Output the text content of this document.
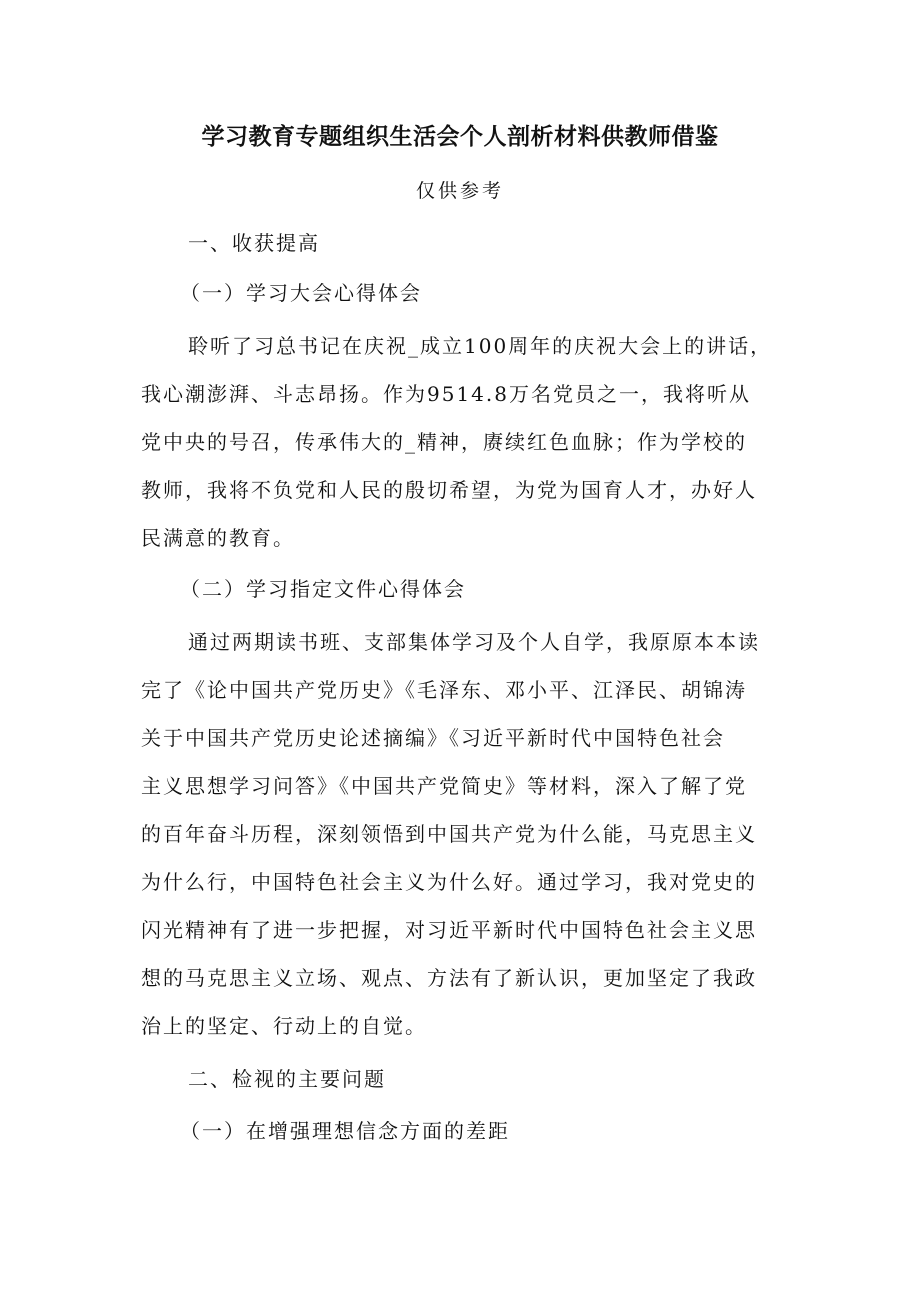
学习教育专题组织生活会个人剖析材料供教师借鉴
仅供参考
一、收获提高
（一）学习大会心得体会
聆听了习总书记在庆祝_成立100周年的庆祝大会上的讲话，
我心潮澎湃、斗志昂扬。作为9514.8万名党员之一，我将听从
党中央的号召，传承伟大的_精神，赓续红色血脉；作为学校的
教师，我将不负党和人民的殷切希望，为党为国育人才，办好人
民满意的教育。
（二）学习指定文件心得体会
通过两期读书班、支部集体学习及个人自学，我原原本本读
完了《论中国共产党历史》《毛泽东、邓小平、江泽民、胡锦涛
关于中国共产党历史论述摘编》《习近平新时代中国特色社会
主义思想学习问答》《中国共产党简史》等材料，深入了解了党
的百年奋斗历程，深刻领悟到中国共产党为什么能，马克思主义
为什么行，中国特色社会主义为什么好。通过学习，我对党史的
闪光精神有了进一步把握，对习近平新时代中国特色社会主义思
想的马克思主义立场、观点、方法有了新认识，更加坚定了我政
治上的坚定、行动上的自觉。
二、检视的主要问题
（一）在增强理想信念方面的差距
